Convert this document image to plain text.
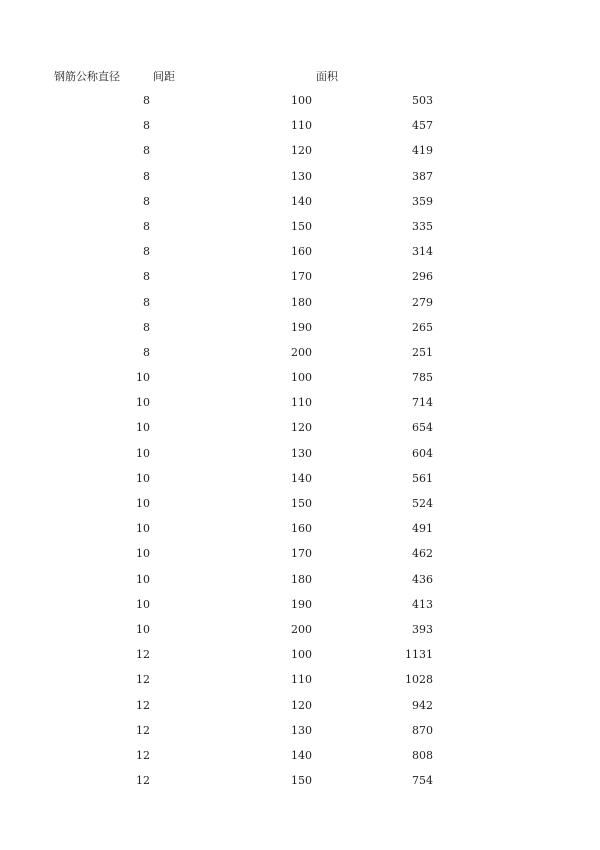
钢筋公称直径	间距	面积
8	100	503
8	110	457
8	120	419
8	130	387
8	140	359
8	150	335
8	160	314
8	170	296
8	180	279
8	190	265
8	200	251
10	100	785
10	110	714
10	120	654
10	130	604
10	140	561
10	150	524
10	160	491
10	170	462
10	180	436
10	190	413
10	200	393
12	100	1131
12	110	1028
12	120	942
12	130	870
12	140	808
12	150	754
